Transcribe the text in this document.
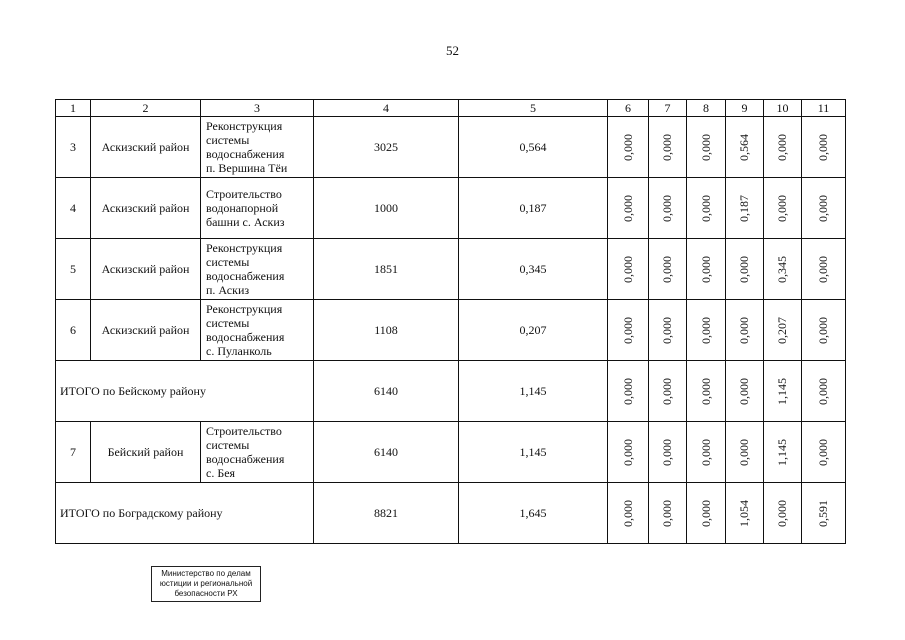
52
1	2	3	4	5	6	7	8	9	10	11
3	Аскизский район	Реконструкция
системы
водоснабжения
п. Вершина Тёи	3025	0,564	0,000	0,000	0,000	0,564	0,000	0,000
4	Аскизский район	Строительство
водонапорной
башни с. Аскиз	1000	0,187	0,000	0,000	0,000	0,187	0,000	0,000
5	Аскизский район	Реконструкция
системы
водоснабжения
п. Аскиз	1851	0,345	0,000	0,000	0,000	0,000	0,345	0,000
6	Аскизский район	Реконструкция
системы
водоснабжения
с. Пуланколь	1108	0,207	0,000	0,000	0,000	0,000	0,207	0,000
ИТОГО по Бейскому району			6140	1,145	0,000	0,000	0,000	0,000	1,145	0,000
7	Бейский район	Строительство
системы
водоснабжения
с. Бея	6140	1,145	0,000	0,000	0,000	0,000	1,145	0,000
ИТОГО по Боградскому району			8821	1,645	0,000	0,000	0,000	1,054	0,000	0,591
Министерство по делам
юстиции и региональной
безопасности РХ
